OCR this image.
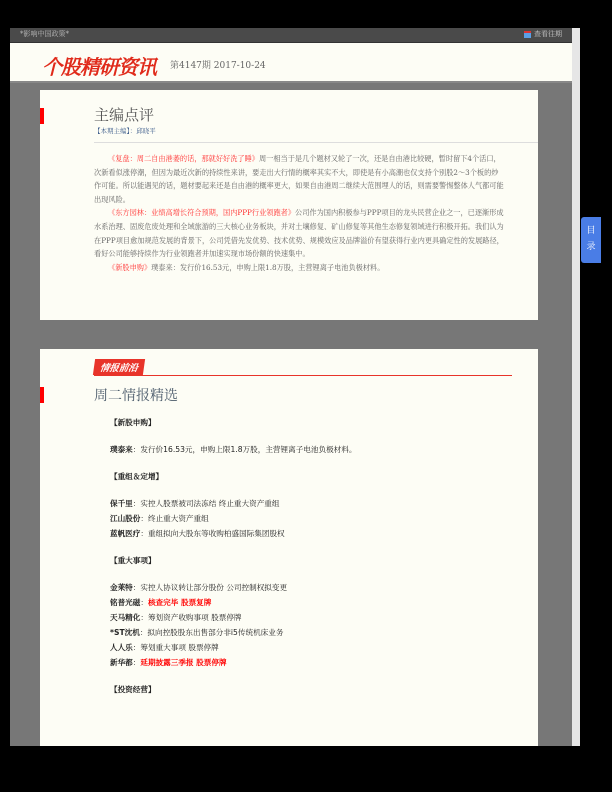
*影响中国政策*	查看往期
个股精研资讯 第4147期 2017-10-24
主编点评
【本期主编】：邱晓平
《复盘：周二自由港萎的话，那就好好洗了睡》周一相当于是几个题材又轮了一次，还是自由港比较硬，暂时留下4个活口，次新看似涨停潮，但因为最近次新的持续性来讲，要走出大行情的概率其实不大，即使是有小高潮也仅支持个别股2～3个板的炒作可能。所以能遇见的话，题材要起来还是自由港的概率更大，如果自由港周二继续大范围埋人的话，则需要警惕整体人气都可能出现风险。
《东方园林：业绩高增长符合预期，国内PPP行业领跑者》公司作为国内积极参与PPP项目的龙头民营企业之一，已逐渐形成水系治理、固废危废处理和全域旅游的三大核心业务板块，并对土壤修复、矿山修复等其他生态修复领域进行积极开拓。我们认为在PPP项目愈加规范发展的背景下，公司凭借先发优势、技术优势、规模效应及品牌溢价有望获得行业内更具确定性的发展路径，看好公司能够持续作为行业领跑者并加速实现市场份额的快速集中。
《新股申购》璞泰来：发行价16.53元，申购上限1.8万股，主营锂离子电池负极材料。
情报前沿
周二情报精选
【新股申购】
璞泰来：发行价16.53元，申购上限1.8万股，主营锂离子电池负极材料。
【重组＆定增】
保千里：实控人股票被司法冻结 终止重大资产重组
江山股份：终止重大资产重组
蓝帆医疗：重组拟向大股东等收购柏盛国际集团股权
【重大事项】
金莱特：实控人协议转让部分股份 公司控制权拟变更
铭普光磁：核查完毕 股票复牌
天马精化：筹划资产收购事项 股票停牌
*ST沈机：拟向控股股东出售部分非i5传统机床业务
人人乐：筹划重大事项 股票停牌
新华都：延期披露三季报 股票停牌
【投资经营】
目
录
